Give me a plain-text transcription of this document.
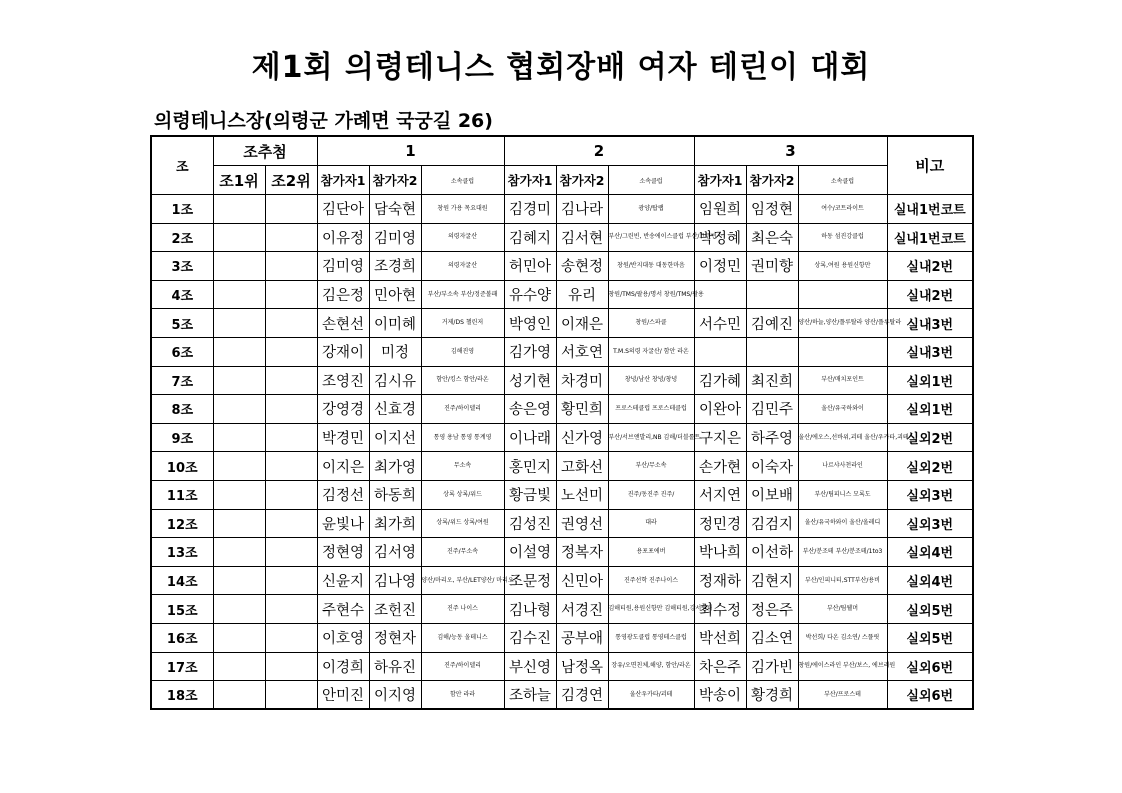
제1회 의령테니스 협회장배 여자 테린이 대회
의령테니스장(의령군 가례면 국궁길 26)
조	조추첨		1			2			3			비고
	조1위	조2위	참가자1	참가자2	소속클럽	참가자1	참가자2	소속클럽	참가자1	참가자2	소속클럽	
1조			김단아	담숙현	창원 가용 목요대원	김경미	김나라	광양/탑랩	임원희	임정현	여수/코트라이트	실내1번코트
2조			이유정	김미영	의령자굴산	김혜지	김서현	부산/그린빈, 반송에이스클럽 부산/그린빈	박정혜	최은숙	하동 섬진강클럽	실내1번코트
3조			김미영	조경희	의령자굴산	허민아	송현정	창원/반지대동 대동한마음	이정민	권미향	상록,여원 용원신항만	실내2번
4조			김은정	민아현	부산/부소속 부산/정준볼패	유수양	유리	창원/TMS/팔용/명서 창원/TMS/팔용				실내2번
5조			손현선	이미혜	거제/DS 챌린저	박영인	이재은	창원/스파클	서수민	김예진	양산/하늘,양산/플루탈라 양산/플루탈라	실내3번
6조			강재이	미정	김해진영	김가영	서호연	T.M.S의령 자굴산/ 함안 라온				실내3번
7조			조영진	김시유	함안/킹스 함안/라온	성기현	차경미	창녕/남산 창녕/창녕	김가혜	최진희	부산/매치포인트	실외1번
8조			강영경	신효경	진주/하이델리	송은영	황민희	프로스테클럽 프로스테클럽	이완아	김민주	울산/유국하와이	실외1번
9조			박경민	이지선	통영 용남 통영 통계영	이나래	신가영	부산/서브앤발리,NB 김해/더블롤트	구지은	하주영	울산/에오스,선바위,괴테 울산/우카타,괴테	실외2번
10조			이지은	최가영	무소속	홍민지	고화선	부산/무소속	손가현	이숙자	나르샤사천라인	실외2번
11조			김정선	하동희	상록 상록/위드	황금빛	노선미	진주/동진주 진주/	서지연	이보배	부산/팀피니스 모록도	실외3번
12조			윤빛나	최가희	상록/위드 상록/여원	김성진	권영선	대라	정민경	김검지	울산/유국하와이 울산/올레디	실외3번
13조			정현영	김서영	진주/무소속	이설영	정복자	용포포에버	박나희	이선하	부산/분조테 부산/분조테/1to3	실외4번
14조			신윤지	김나영	양산/마리오, 부산/LET양산/ 마리오	조문정	신민아	진주선학 진주나이스	정재하	김현지	부산/인피니티,STT부산/용비	실외4번
15조			주현수	조헌진	진주 나이스	김나형	서경진	김해티원,용원신항만 김해티원,강서원더	최수정	정은주	부산/팀웰머	실외5번
16조			이호영	정현자	김해/능동 올테니스	김수진	공부애	통영광도클럽 통영테스클럽	박선희	김소연	박선희/ 다온 김소연/ 스플릿	실외5번
17조			이경희	하유진	진주/하이델리	부신영	남정옥	장유/오면친체,해양, 함안/라온	차은주	김가빈	창원/에이스라인 부산/보스, 에브리원	실외6번
18조			안미진	이지영	함안 라라	조하늘	김경연	울산우카타/괴테	박송이	황경희	부산/프로스테	실외6번
